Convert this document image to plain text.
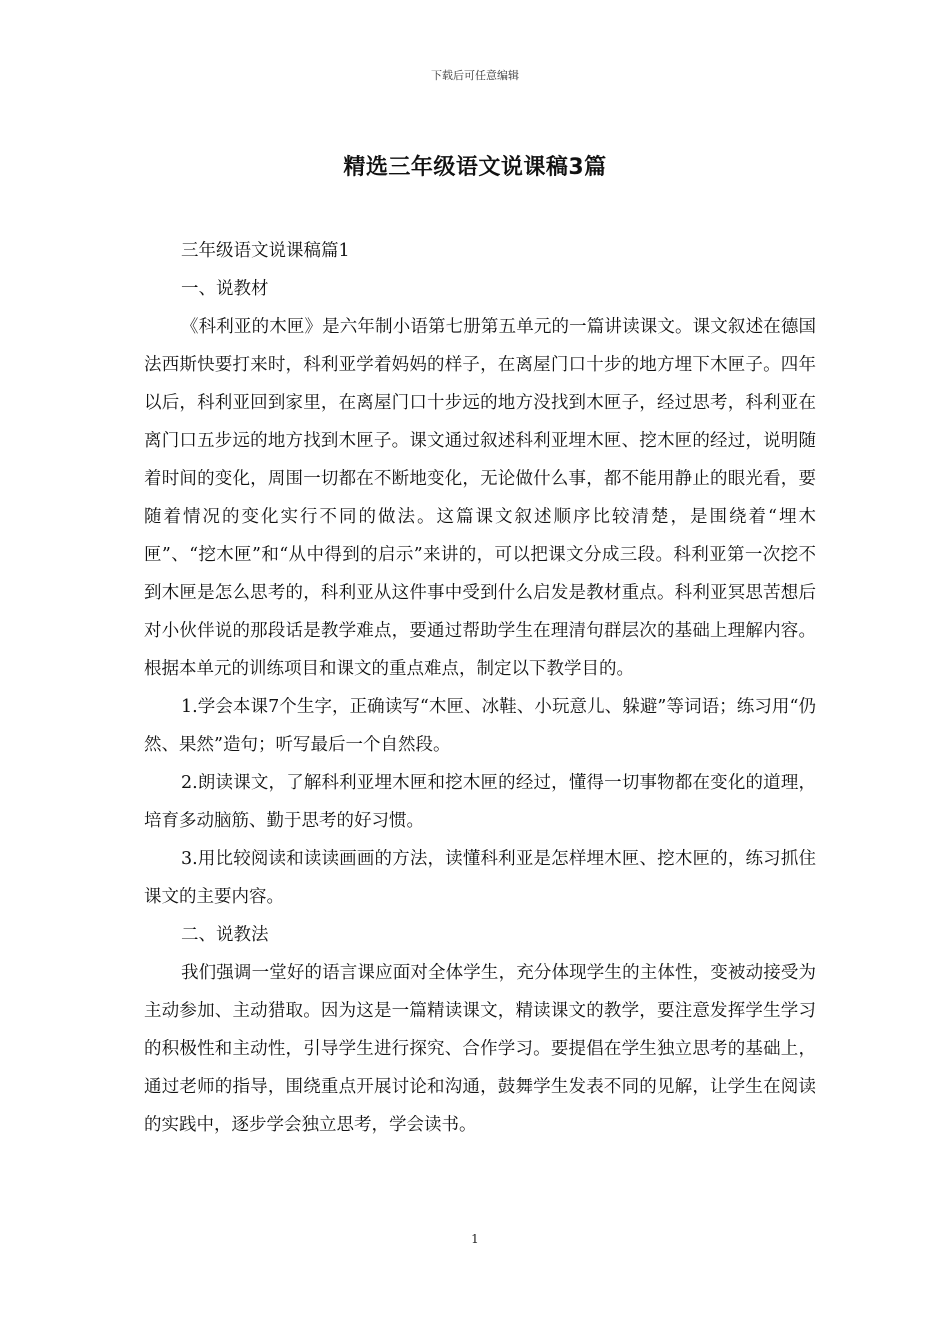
下载后可任意编辑
精选三年级语文说课稿3篇

三年级语文说课稿篇1

一、说教材

《科利亚的木匣》是六年制小语第七册第五单元的一篇讲读课文。课文叙述在德国法西斯快要打来时，科利亚学着妈妈的样子，在离屋门口十步的地方埋下木匣子。四年以后，科利亚回到家里，在离屋门口十步远的地方没找到木匣子，经过思考，科利亚在离门口五步远的地方找到木匣子。课文通过叙述科利亚埋木匣、挖木匣的经过，说明随着时间的变化，周围一切都在不断地变化，无论做什么事，都不能用静止的眼光看，要随着情况的变化实行不同的做法。这篇课文叙述顺序比较清楚，是围绕着“埋木匣”、“挖木匣”和“从中得到的启示”来讲的，可以把课文分成三段。科利亚第一次挖不到木匣是怎么思考的，科利亚从这件事中受到什么启发是教材重点。科利亚冥思苦想后对小伙伴说的那段话是教学难点，要通过帮助学生在理清句群层次的基础上理解内容。根据本单元的训练项目和课文的重点难点，制定以下教学目的。

1.学会本课7个生字，正确读写“木匣、冰鞋、小玩意儿、躲避”等词语；练习用“仍然、果然”造句；听写最后一个自然段。

2.朗读课文，了解科利亚埋木匣和挖木匣的经过，懂得一切事物都在变化的道理，培育多动脑筋、勤于思考的好习惯。

3.用比较阅读和读读画画的方法，读懂科利亚是怎样埋木匣、挖木匣的，练习抓住课文的主要内容。

二、说教法

我们强调一堂好的语言课应面对全体学生，充分体现学生的主体性，变被动接受为主动参加、主动猎取。因为这是一篇精读课文，精读课文的教学，要注意发挥学生学习的积极性和主动性，引导学生进行探究、合作学习。要提倡在学生独立思考的基础上，通过老师的指导，围绕重点开展讨论和沟通，鼓舞学生发表不同的见解，让学生在阅读的实践中，逐步学会独立思考，学会读书。

1
